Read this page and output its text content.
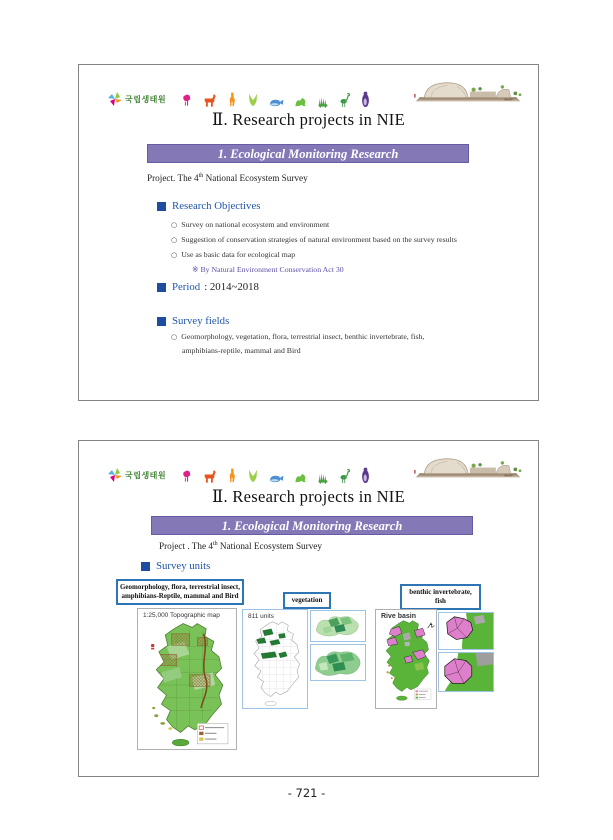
국립생태원
Ⅱ. Research projects in NIE
1. Ecological Monitoring Research
Project. The 4th National Ecosystem Survey
Research Objectives
○ Survey on national ecosystem and environment
○ Suggestion of conservation strategies of natural environment based on the survey results
○ Use as basic data for ecological map
※ By Natural Environment Conservation Act 30
Period : 2014~2018
Survey fields
○ Geomorphology, vegetation, flora, terrestrial insect, benthic invertebrate, fish,
amphibians-reptile, mammal and Bird
국립생태원
Ⅱ. Research projects in NIE
1. Ecological Monitoring Research
Project . The 4th National Ecosystem Survey
Survey units
Geomorphology, flora, terrestrial insect,
amphibians-Reptile, mammal and Bird	vegetation
benthic invertebrate,
fish
1:25,000 Topographic map	811 units	Rive basin
- 721 -
